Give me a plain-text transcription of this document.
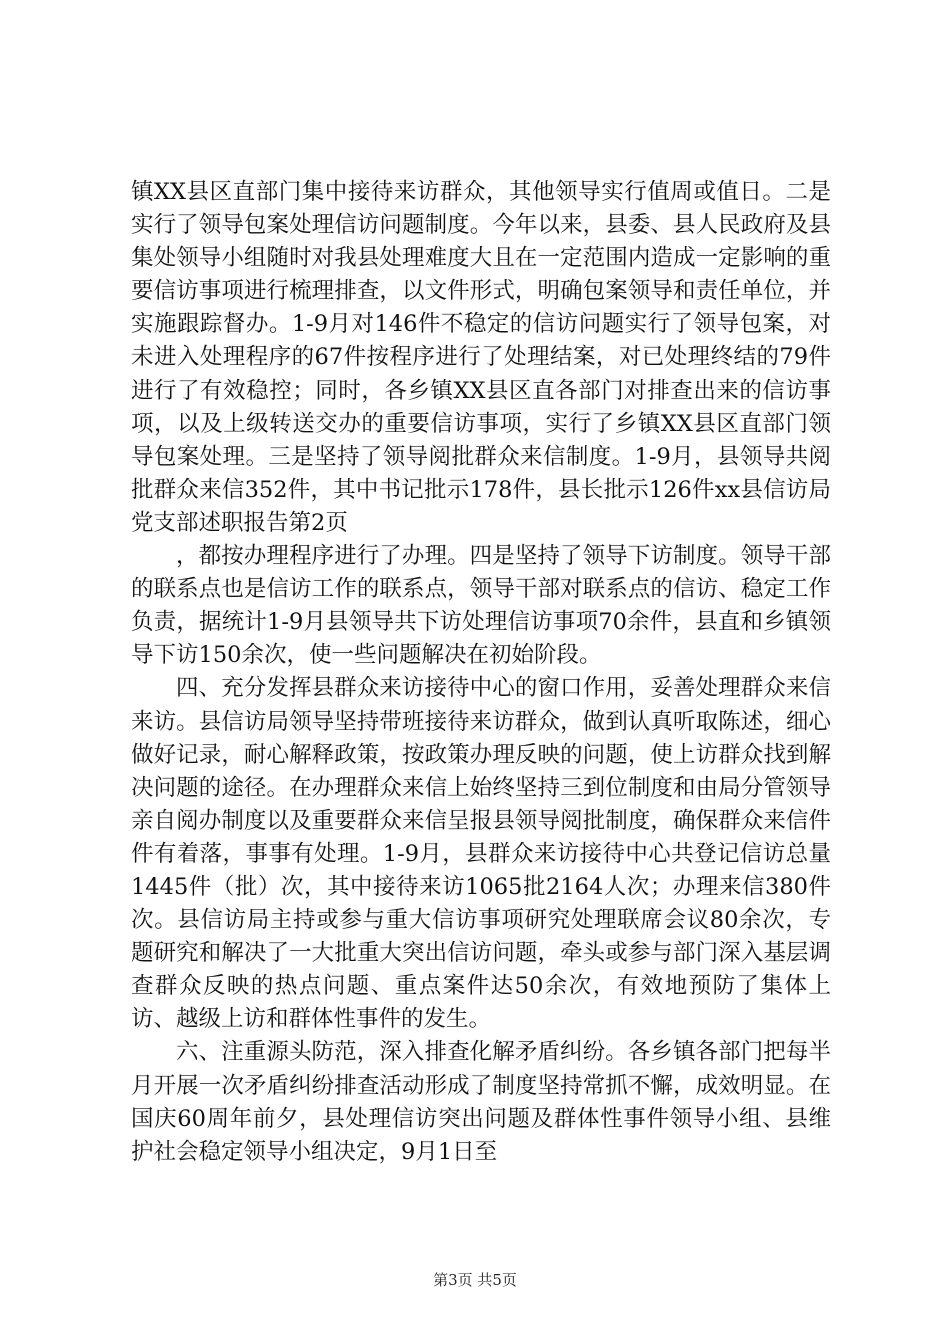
镇XX县区直部门集中接待来访群众，其他领导实行值周或值日。二是实行了领导包案处理信访问题制度。今年以来，县委、县人民政府及县集处领导小组随时对我县处理难度大且在一定范围内造成一定影响的重要信访事项进行梳理排查，以文件形式，明确包案领导和责任单位，并实施跟踪督办。1-9月对146件不稳定的信访问题实行了领导包案，对未进入处理程序的67件按程序进行了处理结案，对已处理终结的79件进行了有效稳控；同时，各乡镇XX县区直各部门对排查出来的信访事项，以及上级转送交办的重要信访事项，实行了乡镇XX县区直部门领导包案处理。三是坚持了领导阅批群众来信制度。1-9月，县领导共阅批群众来信352件，其中书记批示178件，县长批示126件xx县信访局党支部述职报告第2页

，都按办理程序进行了办理。四是坚持了领导下访制度。领导干部的联系点也是信访工作的联系点，领导干部对联系点的信访、稳定工作负责，据统计1-9月县领导共下访处理信访事项70余件，县直和乡镇领导下访150余次，使一些问题解决在初始阶段。

四、充分发挥县群众来访接待中心的窗口作用，妥善处理群众来信来访。县信访局领导坚持带班接待来访群众，做到认真听取陈述，细心做好记录，耐心解释政策，按政策办理反映的问题，使上访群众找到解决问题的途径。在办理群众来信上始终坚持三到位制度和由局分管领导亲自阅办制度以及重要群众来信呈报县领导阅批制度，确保群众来信件件有着落，事事有处理。1-9月，县群众来访接待中心共登记信访总量1445件（批）次，其中接待来访1065批2164人次；办理来信380件次。县信访局主持或参与重大信访事项研究处理联席会议80余次，专题研究和解决了一大批重大突出信访问题，牵头或参与部门深入基层调查群众反映的热点问题、重点案件达50余次，有效地预防了集体上访、越级上访和群体性事件的发生。

六、注重源头防范，深入排查化解矛盾纠纷。各乡镇各部门把每半月开展一次矛盾纠纷排查活动形成了制度坚持常抓不懈，成效明显。在国庆60周年前夕，县处理信访突出问题及群体性事件领导小组、县维护社会稳定领导小组决定，9月1日至

第3页 共5页
